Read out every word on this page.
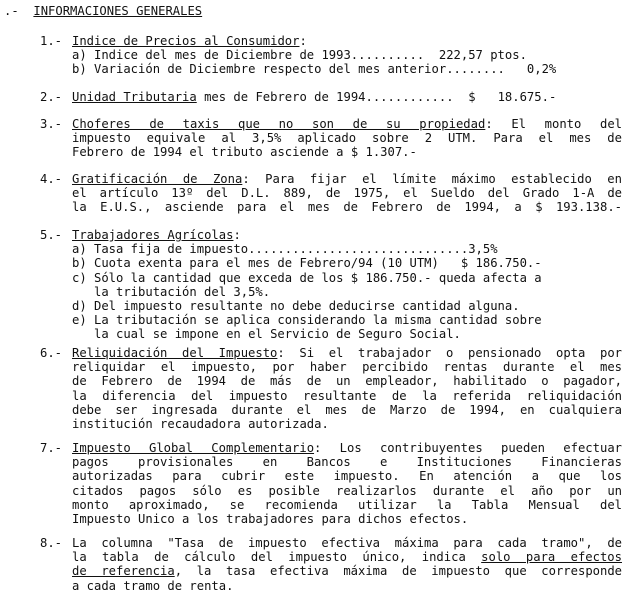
.- INFORMACIONES GENERALES
1.- Indice de Precios al Consumidor:
a) Indice del mes de Diciembre de 1993..........  222,57 ptos.
b) Variación de Diciembre respecto del mes anterior........   0,2%
2.- Unidad Tributaria mes de Febrero de 1994............  $   18.675.-
3.- Choferes de taxis que no son de su propiedad: El monto del
impuesto equivale al 3,5% aplicado sobre 2 UTM. Para el mes de
Febrero de 1994 el tributo asciende a $ 1.307.-
4.- Gratificación de Zona: Para fijar el límite máximo establecido en
el artículo 13º del D.L. 889, de 1975, el Sueldo del Grado 1-A de
la E.U.S., asciende para el mes de Febrero de 1994, a $ 193.138.-
5.- Trabajadores Agrícolas:
a) Tasa fija de impuesto..............................3,5%
b) Cuota exenta para el mes de Febrero/94 (10 UTM)   $ 186.750.-
c) Sólo la cantidad que exceda de los $ 186.750.- queda afecta a
la tributación del 3,5%.
d) Del impuesto resultante no debe deducirse cantidad alguna.
e) La tributación se aplica considerando la misma cantidad sobre
la cual se impone en el Servicio de Seguro Social.
6.- Reliquidación del Impuesto: Si el trabajador o pensionado opta por
reliquidar el impuesto, por haber percibido rentas durante el mes
de Febrero de 1994 de más de un empleador, habilitado o pagador,
la diferencia del impuesto resultante de la referida reliquidación
debe ser ingresada durante el mes de Marzo de 1994, en cualquiera
institución recaudadora autorizada.
7.- Impuesto Global Complementario: Los contribuyentes pueden efectuar
pagos provisionales en Bancos e Instituciones Financieras
autorizadas para cubrir este impuesto. En atención a que los
citados pagos sólo es posible realizarlos durante el año por un
monto aproximado, se recomienda utilizar la Tabla Mensual del
Impuesto Unico a los trabajadores para dichos efectos.
8.- La columna "Tasa de impuesto efectiva máxima para cada tramo", de
la tabla de cálculo del impuesto único, indica solo para efectos
de referencia, la tasa efectiva máxima de impuesto que corresponde
a cada tramo de renta.
